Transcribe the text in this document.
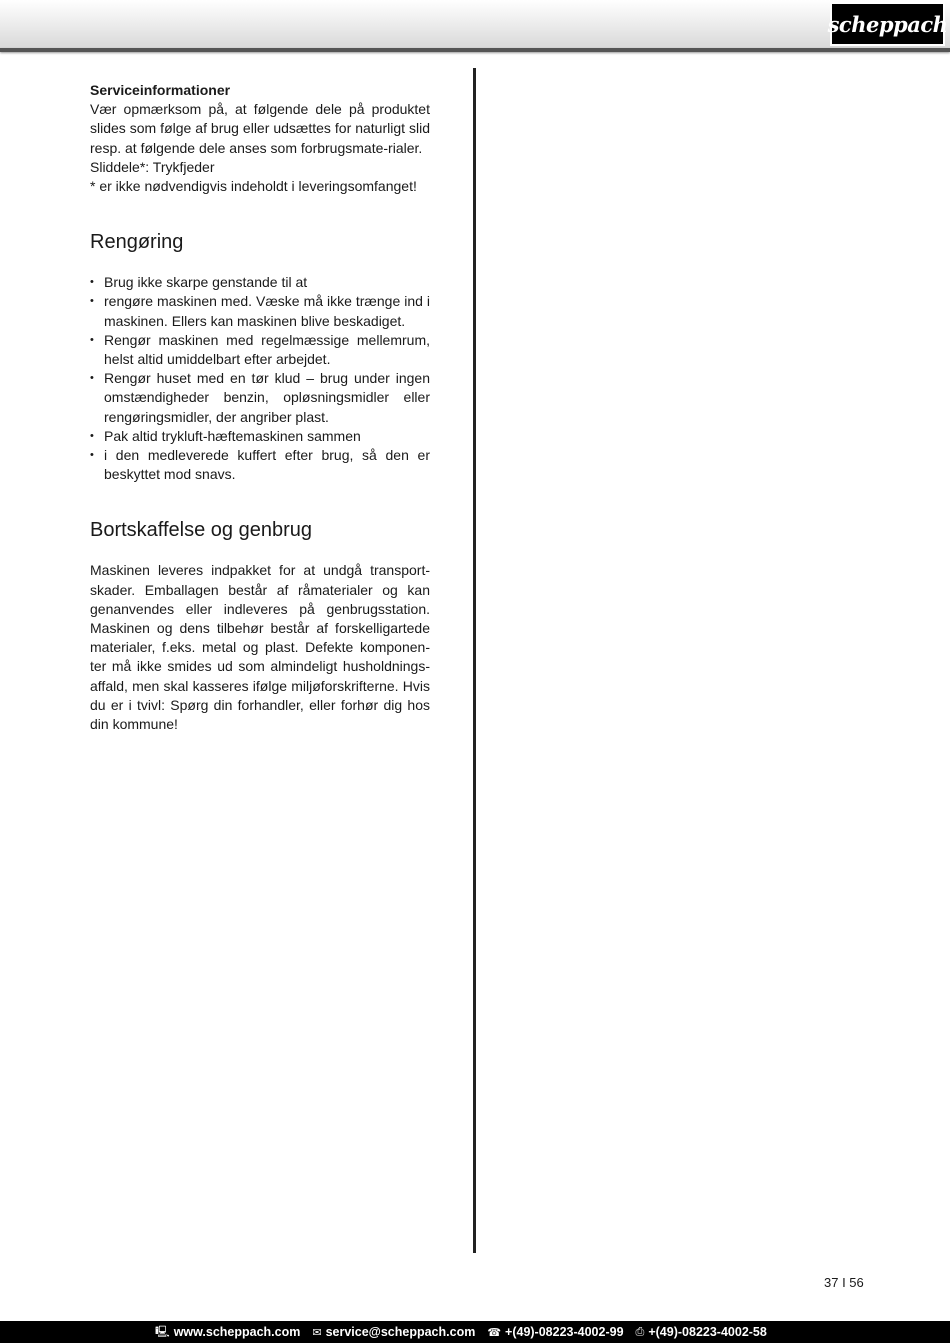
scheppach

Serviceinformationer

Vær opmærksom på, at følgende dele på produktet slides som følge af brug eller udsættes for naturligt slid resp. at følgende dele anses som forbrugsmate-rialer.

Sliddele*: Trykfjeder

* er ikke nødvendigvis indeholdt i leveringsomfanget!

Rengøring
• Brug ikke skarpe genstande til at
• rengøre maskinen med. Væske må ikke trænge ind i maskinen. Ellers kan maskinen blive beskadiget.
• Rengør maskinen med regelmæssige mellemrum, helst altid umiddelbart efter arbejdet.
• Rengør huset med en tør klud – brug under ingen omstændigheder benzin, opløsningsmidler eller rengøringsmidler, der angriber plast.
• Pak altid trykluft-hæftemaskinen sammen
• i den medleverede kuffert efter brug, så den er beskyttet mod snavs.
Bortskaffelse og genbrug

Maskinen leveres indpakket for at undgå transport-skader. Emballagen består af råmaterialer og kan genanvendes eller indleveres på genbrugsstation. Maskinen og dens tilbehør består af forskelligartede materialer, f.eks. metal og plast. Defekte komponen-ter må ikke smides ud som almindeligt husholdnings-affald, men skal kasseres ifølge miljøforskrifterne. Hvis du er i tvivl: Spørg din forhandler, eller forhør dig hos din kommune!

37 I 56
🖳 www.scheppach.com ✉ service@scheppach.com ☎ +(49)-08223-4002-99 ⎙ +(49)-08223-4002-58
